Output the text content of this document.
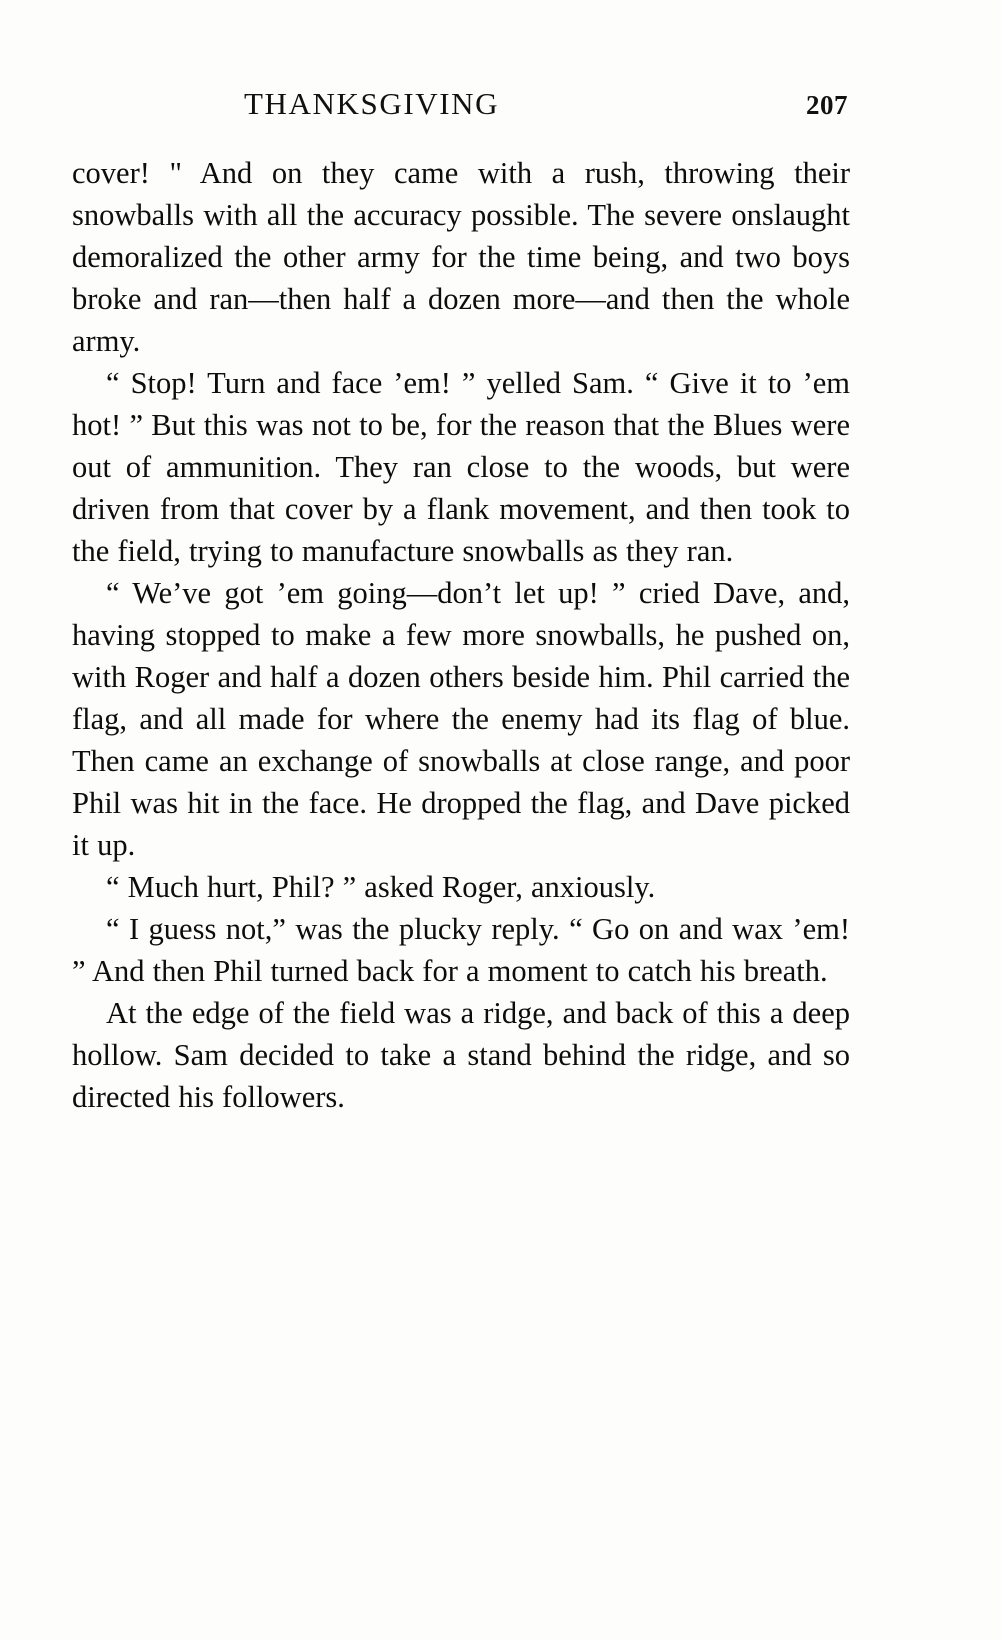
THANKSGIVING	207

cover! " And on they came with a rush, throwing their snowballs with all the accuracy possible. The severe onslaught demoralized the other army for the time being, and two boys broke and ran—then half a dozen more—and then the whole army.

“ Stop! Turn and face ’em! ” yelled Sam. “ Give it to ’em hot! ” But this was not to be, for the reason that the Blues were out of ammunition. They ran close to the woods, but were driven from that cover by a flank movement, and then took to the field, trying to manufacture snowballs as they ran.

“ We’ve got ’em going—don’t let up! ” cried Dave, and, having stopped to make a few more snowballs, he pushed on, with Roger and half a dozen others beside him. Phil carried the flag, and all made for where the enemy had its flag of blue. Then came an exchange of snowballs at close range, and poor Phil was hit in the face. He dropped the flag, and Dave picked it up.

“ Much hurt, Phil? ” asked Roger, anxiously.

“ I guess not,” was the plucky reply. “ Go on and wax ’em! ” And then Phil turned back for a moment to catch his breath.

At the edge of the field was a ridge, and back of this a deep hollow. Sam decided to take a stand behind the ridge, and so directed his followers.
